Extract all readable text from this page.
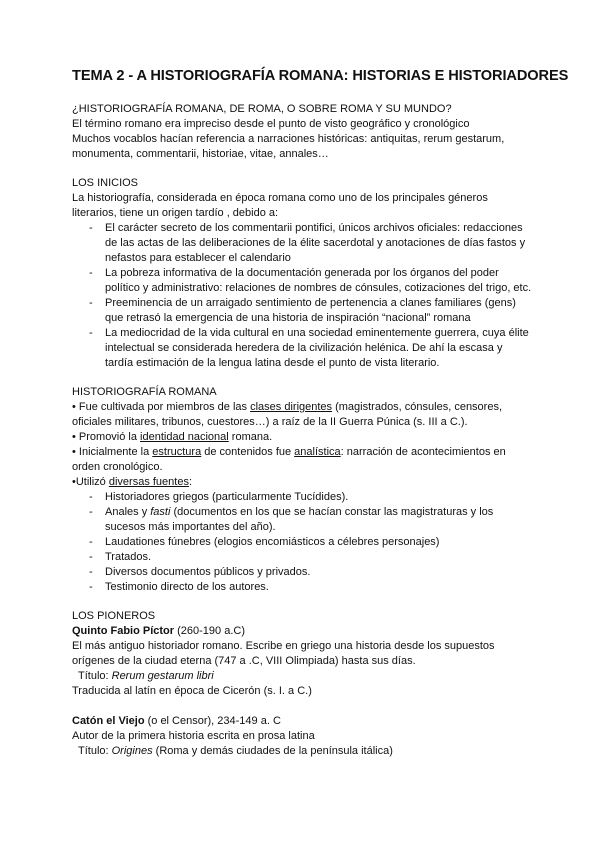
TEMA 2 - A HISTORIOGRAFÍA ROMANA: HISTORIAS E HISTORIADORES

¿HISTORIOGRAFÍA ROMANA, DE ROMA, O SOBRE ROMA Y SU MUNDO?

El término romano era impreciso desde el punto de visto geográfico y cronológico

Muchos vocablos hacían referencia a narraciones históricas: antiquitas, rerum gestarum, monumenta, commentarii, historiae, vitae, annales…

LOS INICIOS

La historiografía, considerada en época romana como uno de los principales géneros literarios, tiene un origen tardío , debido a:

- El carácter secreto de los commentarii pontifici, únicos archivos oficiales: redacciones de las actas de las deliberaciones de la élite sacerdotal y anotaciones de días fastos y nefastos para establecer el calendario
- La pobreza informativa de la documentación generada por los órganos del poder político y administrativo: relaciones de nombres de cónsules, cotizaciones del trigo, etc.
- Preeminencia de un arraigado sentimiento de pertenencia a clanes familiares (gens) que retrasó la emergencia de una historia de inspiración “nacional” romana
- La mediocridad de la vida cultural en una sociedad eminentemente guerrera, cuya élite intelectual se considerada heredera de la civilización helénica. De ahí la escasa y tardía estimación de la lengua latina desde el punto de vista literario.

HISTORIOGRAFÍA ROMANA

• Fue cultivada por miembros de las clases dirigentes (magistrados, cónsules, censores, oficiales militares, tribunos, cuestores…) a raíz de la II Guerra Púnica (s. III a C.).

• Promovió la identidad nacional romana.

• Inicialmente la estructura de contenidos fue analística: narración de acontecimientos en orden cronológico.

•Utilizó diversas fuentes:

- Historiadores griegos (particularmente Tucídides).
- Anales y fasti (documentos en los que se hacían constar las magistraturas y los sucesos más importantes del año).
- Laudationes fúnebres (elogios encomiásticos a célebres personajes)
- Tratados.
- Diversos documentos públicos y privados.
- Testimonio directo de los autores.

LOS PIONEROS

Quinto Fabio Píctor (260-190 a.C)

El más antiguo historiador romano. Escribe en griego una historia desde los supuestos orígenes de la ciudad eterna (747 a .C, VIII Olimpiada) hasta sus días.

Título: Rerum gestarum libri

Traducida al latín en época de Cicerón (s. I. a C.)

Catón el Viejo (o el Censor), 234-149 a. C

Autor de la primera historia escrita en prosa latina

Título: Origines (Roma y demás ciudades de la península itálica)
